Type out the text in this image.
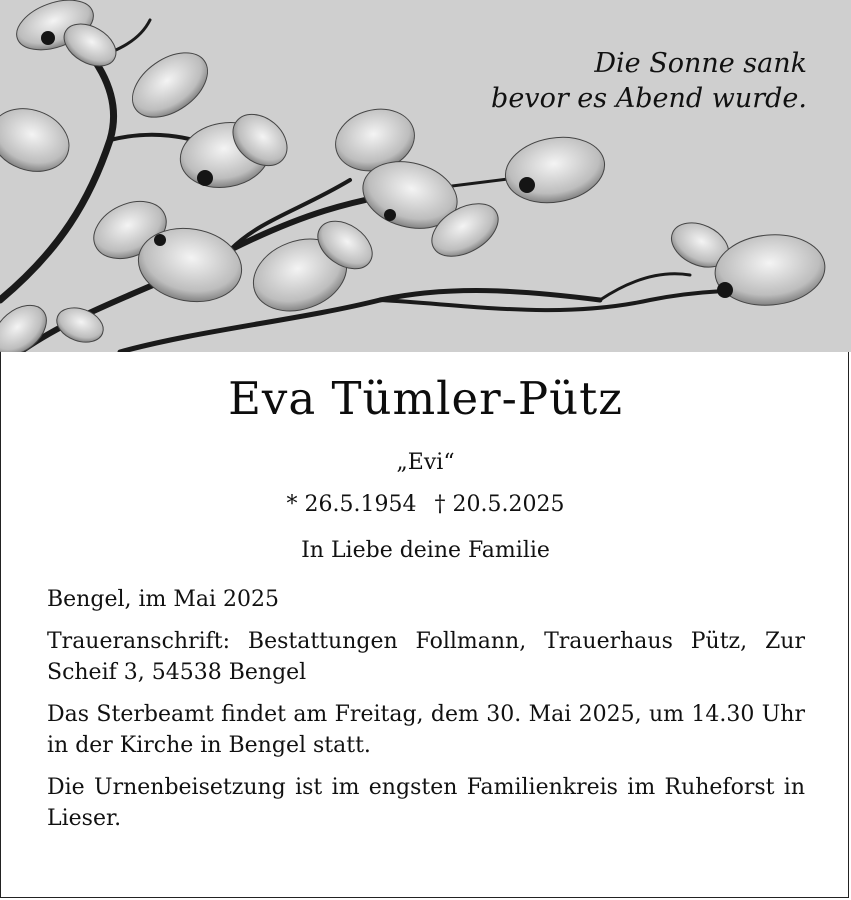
Die Sonne sank
bevor es Abend wurde.
Eva Tümler-Pütz
„Evi“
* 26.5.1954 † 20.5.2025
In Liebe deine Familie

Bengel, im Mai 2025

Traueranschrift: Bestattungen Follmann, Trauerhaus Pütz, Zur Scheif 3, 54538 Bengel

Das Sterbeamt findet am Freitag, dem 30. Mai 2025, um 14.30 Uhr in der Kirche in Bengel statt.

Die Urnenbeisetzung ist im engsten Familienkreis im Ruheforst in Lieser.
